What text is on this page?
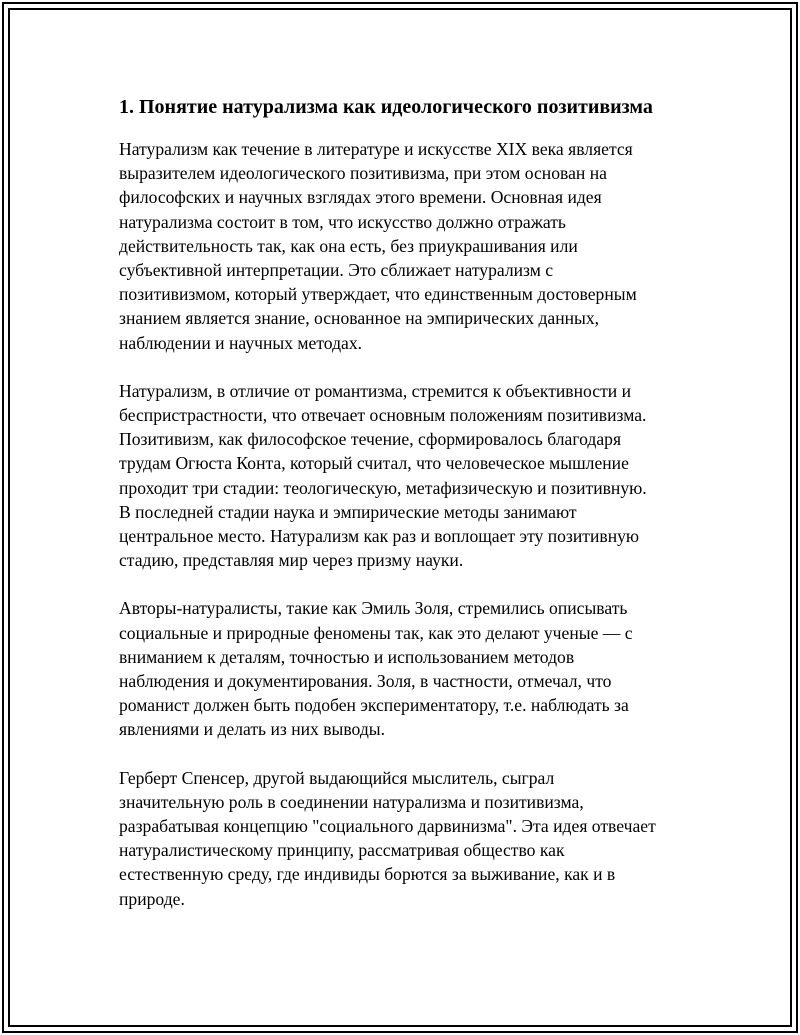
1. Понятие натурализма как идеологического позитивизма

Натурализм как течение в литературе и искусстве XIX века является
выразителем идеологического позитивизма, при этом основан на
философских и научных взглядах этого времени. Основная идея
натурализма состоит в том, что искусство должно отражать
действительность так, как она есть, без приукрашивания или
субъективной интерпретации. Это сближает натурализм с
позитивизмом, который утверждает, что единственным достоверным
знанием является знание, основанное на эмпирических данных,
наблюдении и научных методах.

Натурализм, в отличие от романтизма, стремится к объективности и
беспристрастности, что отвечает основным положениям позитивизма.
Позитивизм, как философское течение, сформировалось благодаря
трудам Огюста Конта, который считал, что человеческое мышление
проходит три стадии: теологическую, метафизическую и позитивную.
В последней стадии наука и эмпирические методы занимают
центральное место. Натурализм как раз и воплощает эту позитивную
стадию, представляя мир через призму науки.

Авторы-натуралисты, такие как Эмиль Золя, стремились описывать
социальные и природные феномены так, как это делают ученые — с
вниманием к деталям, точностью и использованием методов
наблюдения и документирования. Золя, в частности, отмечал, что
романист должен быть подобен экспериментатору, т.е. наблюдать за
явлениями и делать из них выводы.

Герберт Спенсер, другой выдающийся мыслитель, сыграл
значительную роль в соединении натурализма и позитивизма,
разрабатывая концепцию "социального дарвинизма". Эта идея отвечает
натуралистическому принципу, рассматривая общество как
естественную среду, где индивиды борются за выживание, как и в
природе.
